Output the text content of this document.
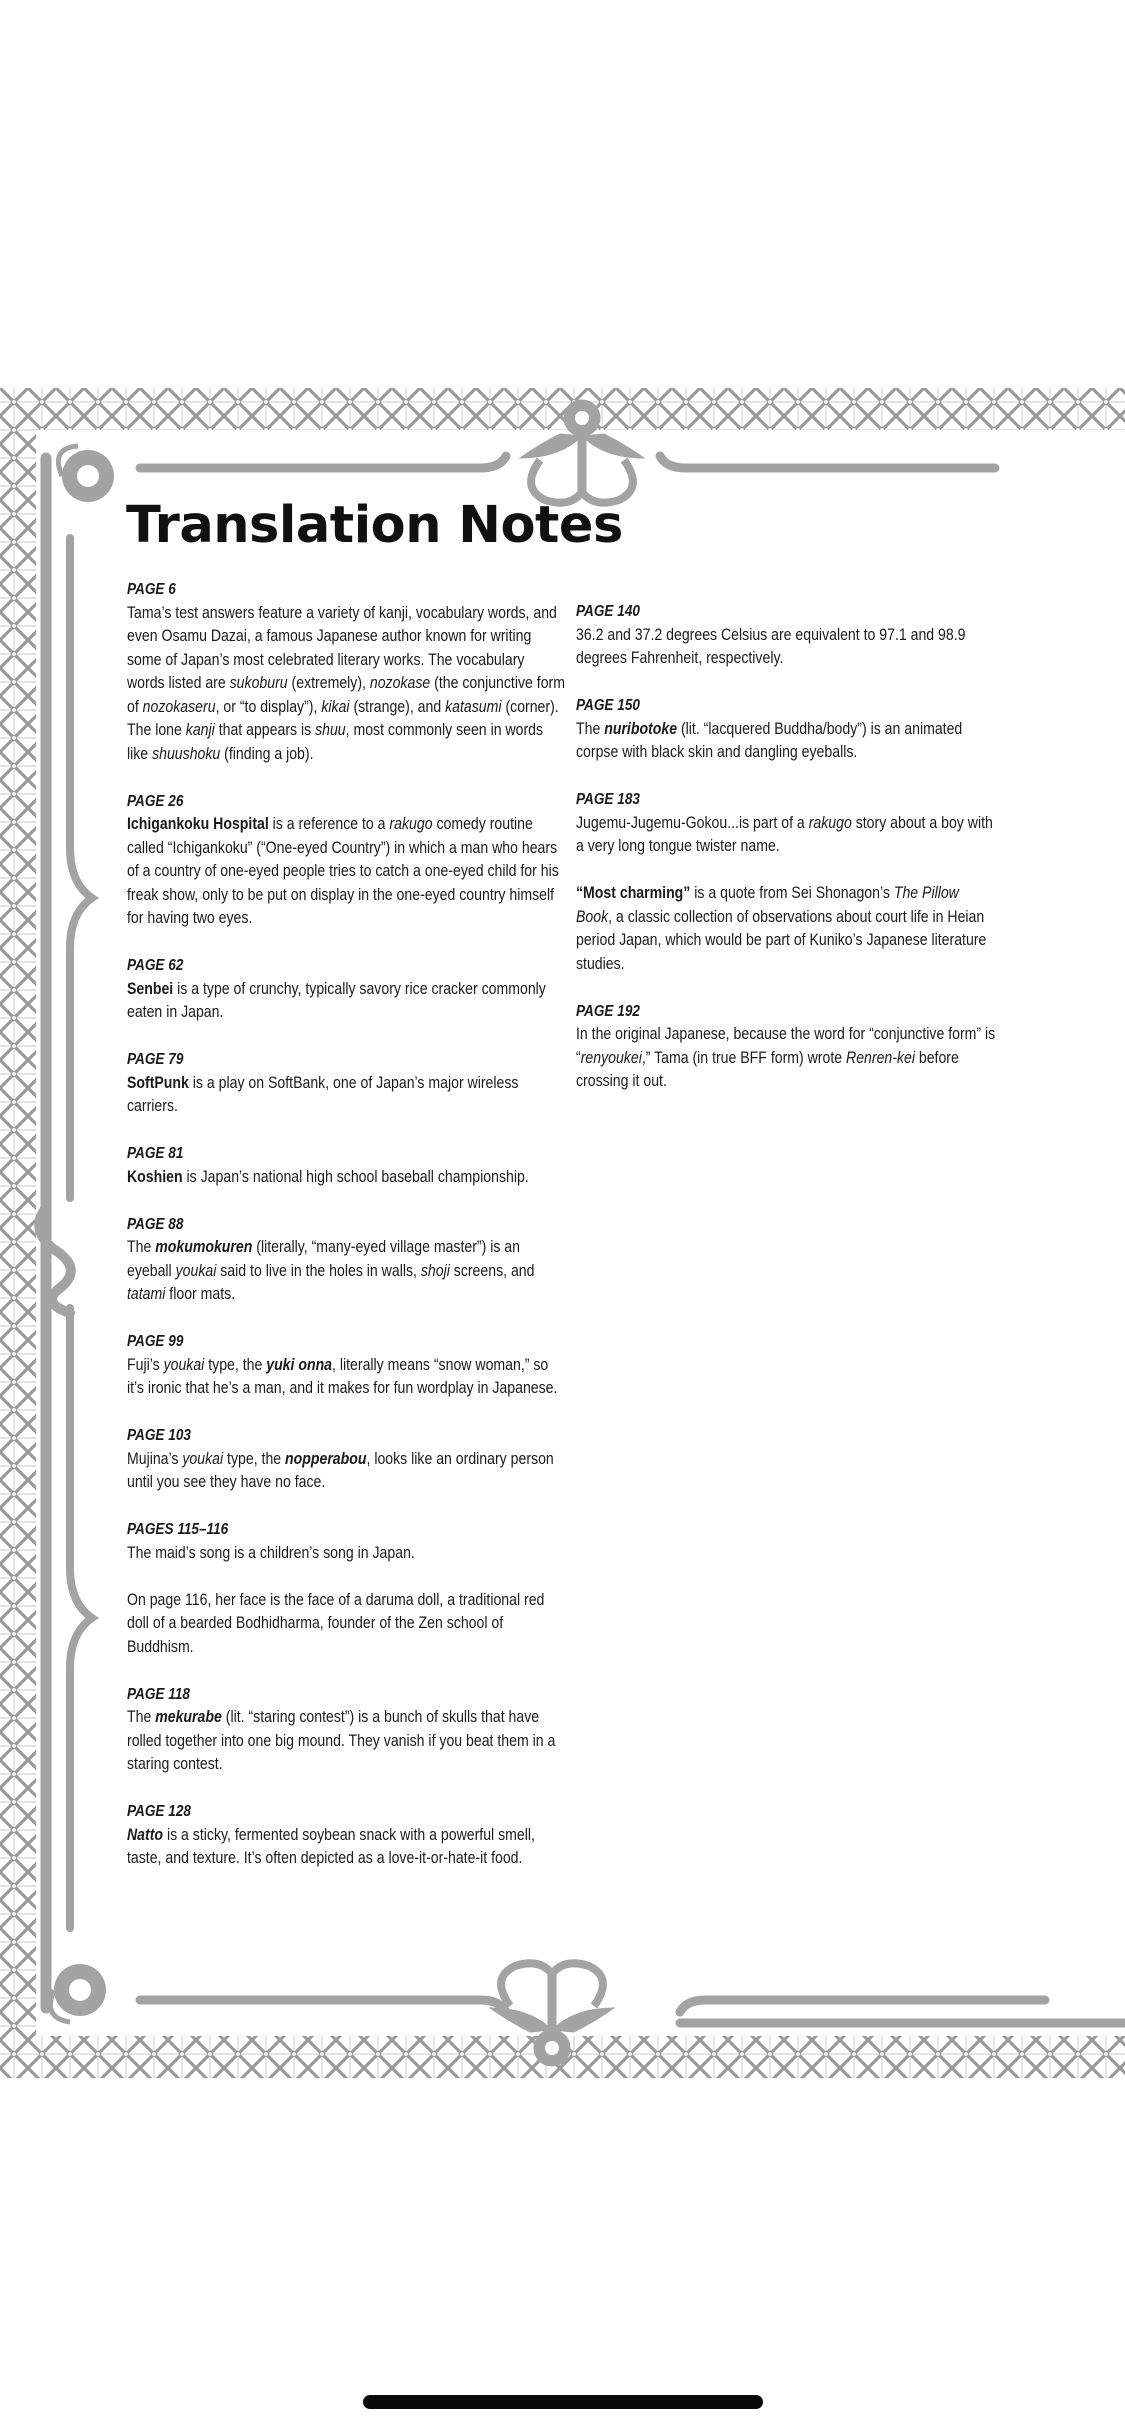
Translation Notes
PAGE 6

Tama’s test answers feature a variety of kanji, vocabulary words, and even Osamu Dazai, a famous Japanese author known for writing some of Japan’s most celebrated literary works. The vocabulary words listed are sukoburu (extremely), nozokase (the conjunctive form of nozokaseru, or “to display”), kikai (strange), and katasumi (corner). The lone kanji that appears is shuu, most commonly seen in words like shuushoku (finding a job).

PAGE 26

Ichigankoku Hospital is a reference to a rakugo comedy routine called “Ichigankoku” (“One-eyed Country”) in which a man who hears of a country of one-eyed people tries to catch a one-eyed child for his freak show, only to be put on display in the one-eyed country himself for having two eyes.

PAGE 62

Senbei is a type of crunchy, typically savory rice cracker commonly eaten in Japan.

PAGE 79

SoftPunk is a play on SoftBank, one of Japan’s major wireless carriers.

PAGE 81

Koshien is Japan’s national high school baseball championship.

PAGE 88

The mokumokuren (literally, “many-eyed village master”) is an eyeball youkai said to live in the holes in walls, shoji screens, and tatami floor mats.

PAGE 99

Fuji’s youkai type, the yuki onna, literally means “snow woman,” so it’s ironic that he’s a man, and it makes for fun wordplay in Japanese.

PAGE 103

Mujina’s youkai type, the nopperabou, looks like an ordinary person until you see they have no face.

PAGES 115–116

The maid’s song is a children’s song in Japan.

On page 116, her face is the face of a daruma doll, a traditional red doll of a bearded Bodhidharma, founder of the Zen school of Buddhism.

PAGE 118

The mekurabe (lit. “staring contest”) is a bunch of skulls that have rolled together into one big mound. They vanish if you beat them in a staring contest.

PAGE 128

Natto is a sticky, fermented soybean snack with a powerful smell, taste, and texture. It’s often depicted as a love-it-or-hate-it food.

PAGE 140

36.2 and 37.2 degrees Celsius are equivalent to 97.1 and 98.9 degrees Fahrenheit, respectively.

PAGE 150

The nuribotoke (lit. “lacquered Buddha/body”) is an animated corpse with black skin and dangling eyeballs.

PAGE 183

Jugemu-Jugemu-Gokou...is part of a rakugo story about a boy with a very long tongue twister name.

“Most charming” is a quote from Sei Shonagon’s The Pillow Book, a classic collection of observations about court life in Heian period Japan, which would be part of Kuniko’s Japanese literature studies.

PAGE 192

In the original Japanese, because the word for “conjunctive form” is “renyoukei,” Tama (in true BFF form) wrote Renren-kei before crossing it out.
